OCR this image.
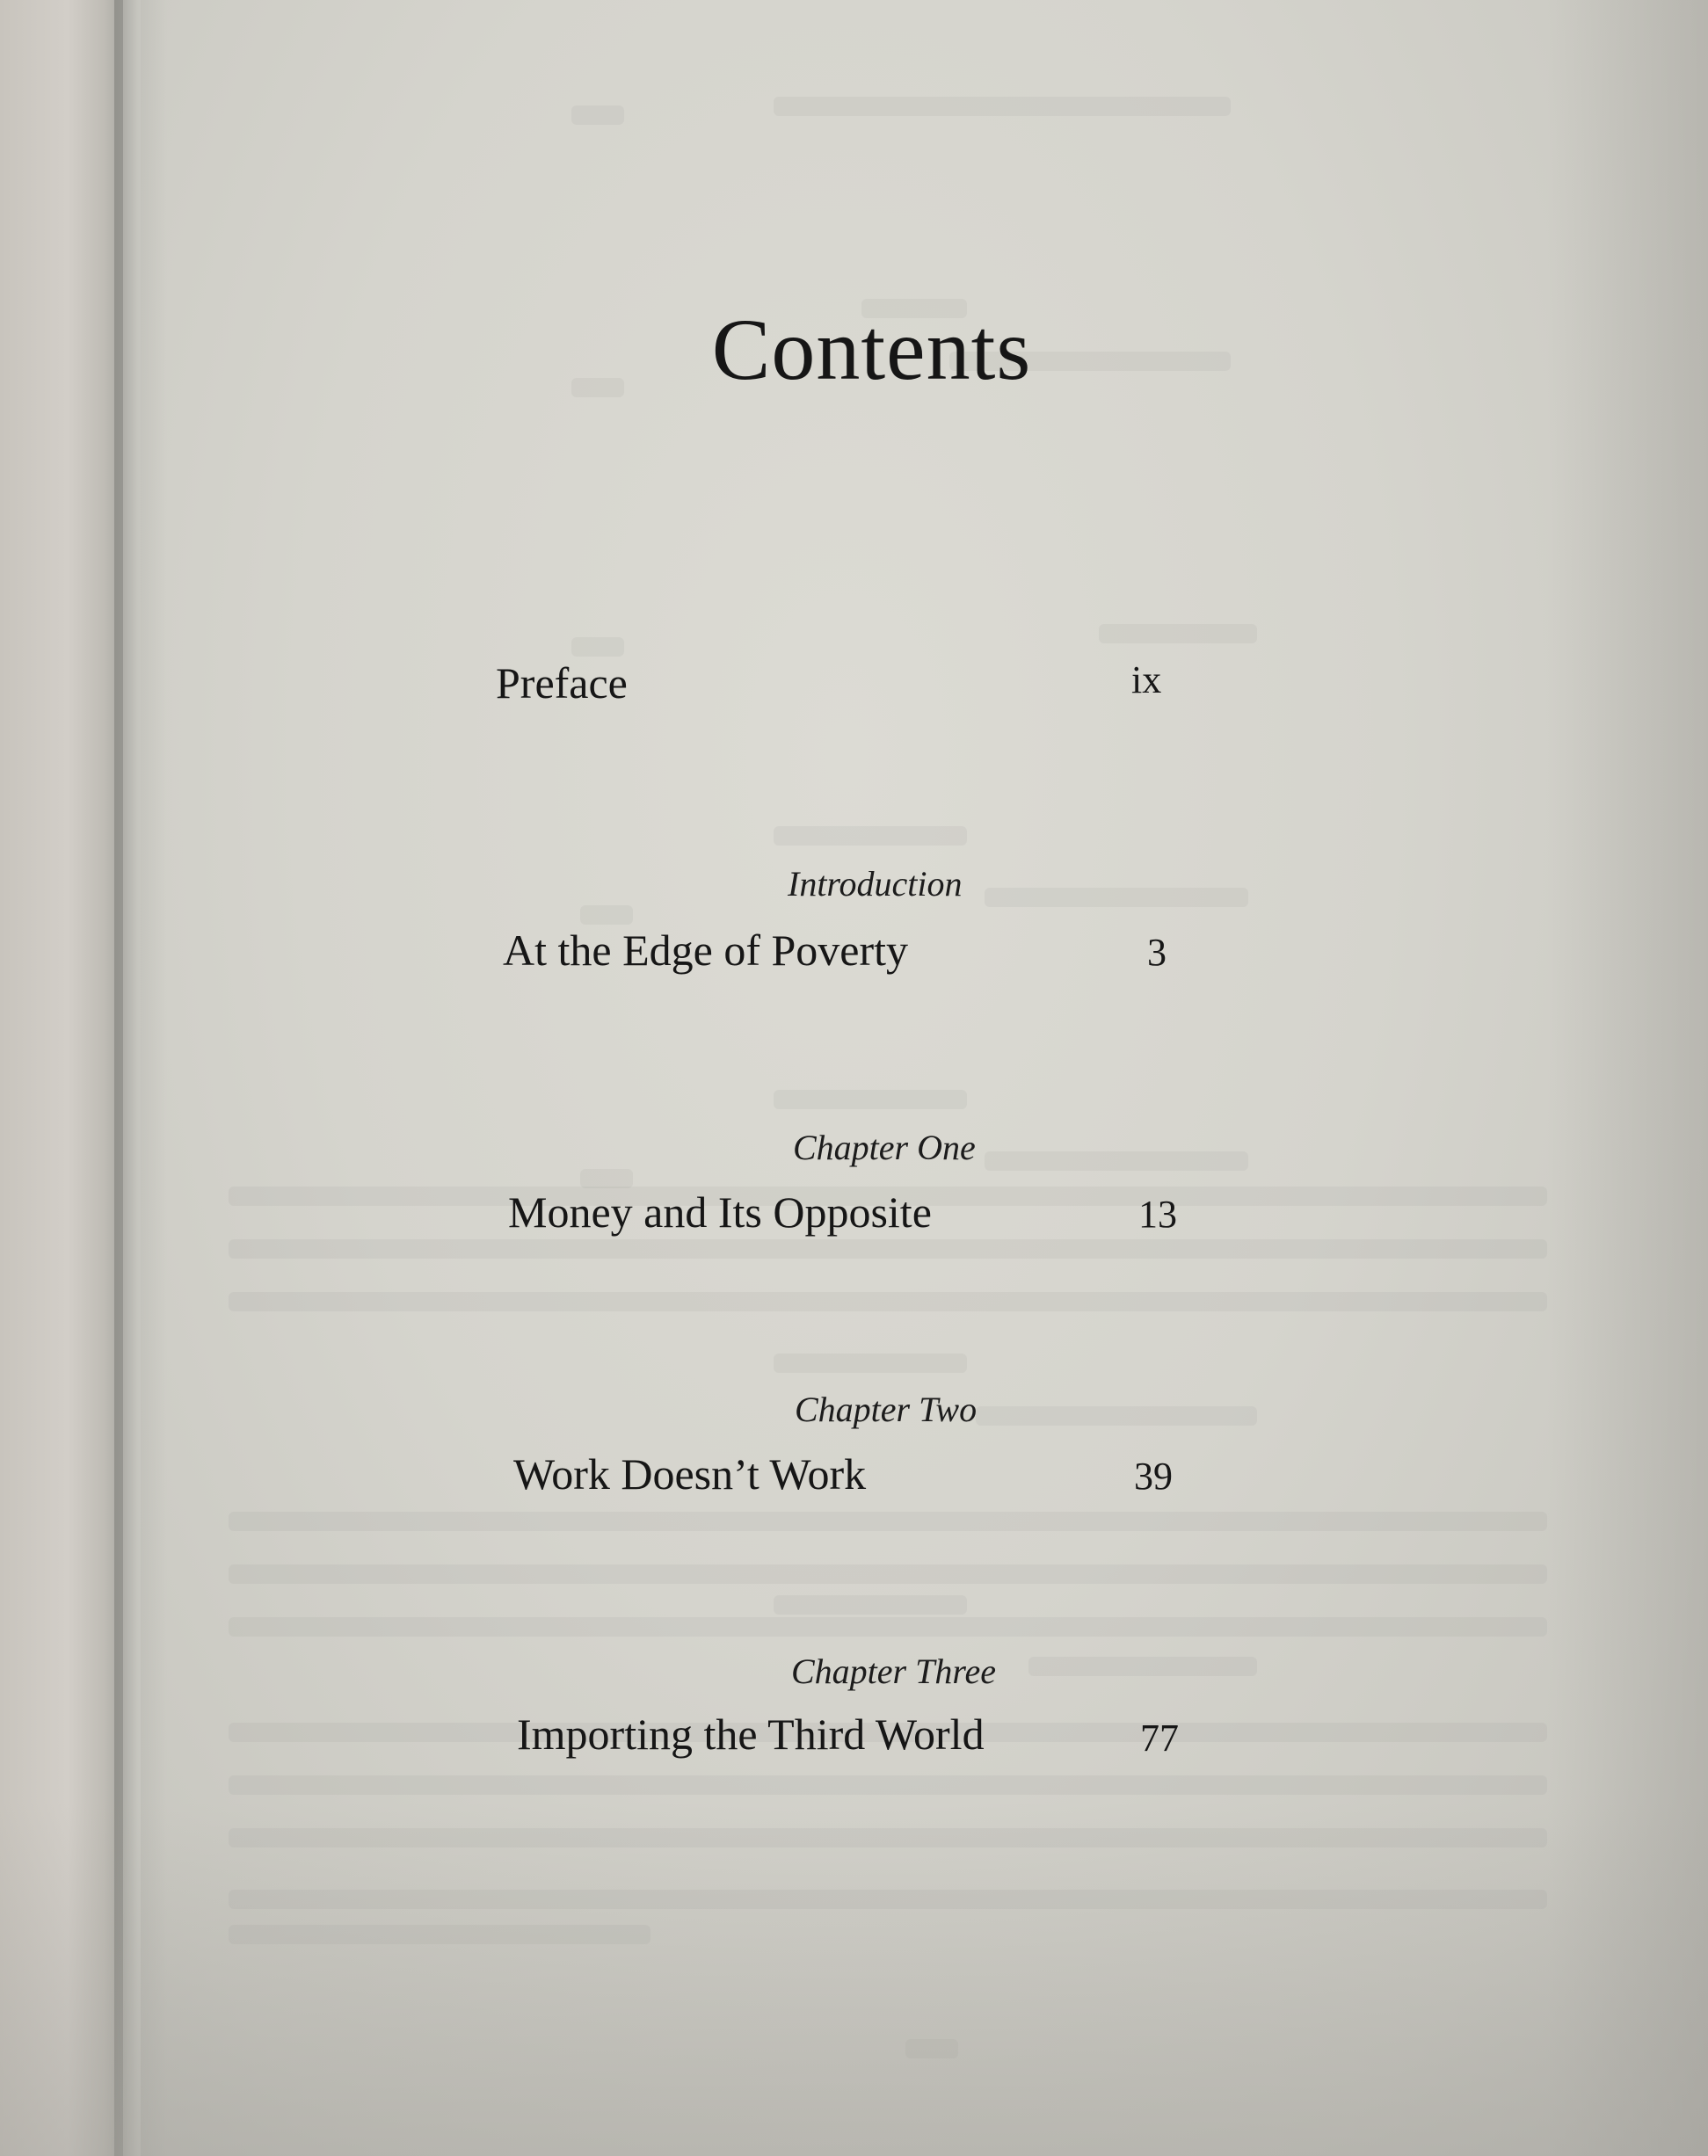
Contents
Preface	ix
Introduction
At the Edge of Poverty	3
Chapter One
Money and Its Opposite	13
Chapter Two
Work Doesn’t Work	39
Chapter Three
Importing the Third World	77
